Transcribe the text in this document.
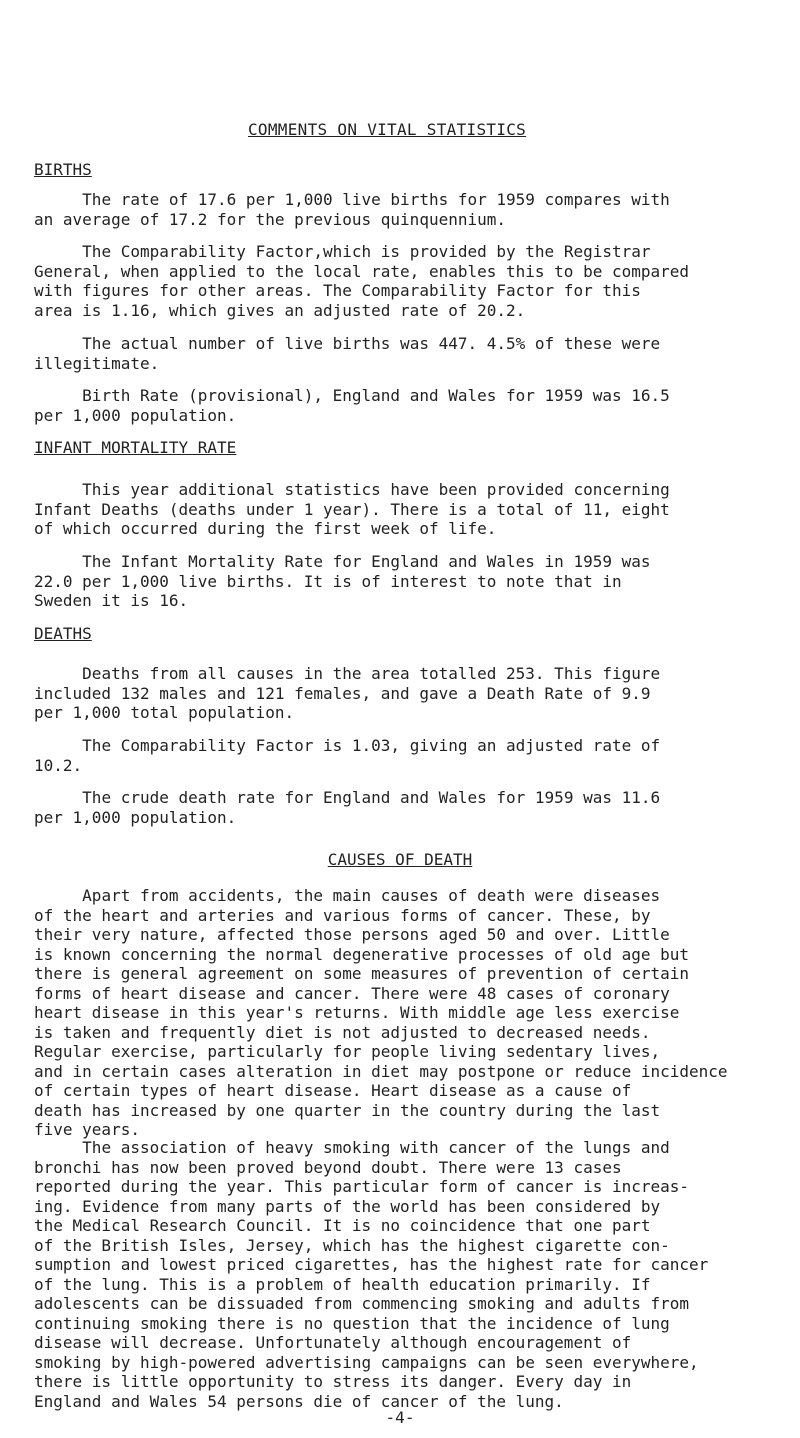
COMMENTS ON VITAL STATISTICS
BIRTHS

The rate of 17.6 per 1,000 live births for 1959 compares with
an average of 17.2 for the previous quinquennium.

The Comparability Factor,which is provided by the Registrar
General, when applied to the local rate, enables this to be compared
with figures for other areas. The Comparability Factor for this
area is 1.16, which gives an adjusted rate of 20.2.

The actual number of live births was 447. 4.5% of these were
illegitimate.

Birth Rate (provisional), England and Wales for 1959 was 16.5
per 1,000 population.

INFANT MORTALITY RATE

This year additional statistics have been provided concerning
Infant Deaths (deaths under 1 year). There is a total of 11, eight
of which occurred during the first week of life.

The Infant Mortality Rate for England and Wales in 1959 was
22.0 per 1,000 live births. It is of interest to note that in
Sweden it is 16.

DEATHS

Deaths from all causes in the area totalled 253. This figure
included 132 males and 121 females, and gave a Death Rate of 9.9
per 1,000 total population.

The Comparability Factor is 1.03, giving an adjusted rate of
10.2.

The crude death rate for England and Wales for 1959 was 11.6
per 1,000 population.

CAUSES OF DEATH

Apart from accidents, the main causes of death were diseases
of the heart and arteries and various forms of cancer. These, by
their very nature, affected those persons aged 50 and over. Little
is known concerning the normal degenerative processes of old age but
there is general agreement on some measures of prevention of certain
forms of heart disease and cancer. There were 48 cases of coronary
heart disease in this year's returns. With middle age less exercise
is taken and frequently diet is not adjusted to decreased needs.
Regular exercise, particularly for people living sedentary lives,
and in certain cases alteration in diet may postpone or reduce incidence
of certain types of heart disease. Heart disease as a cause of
death has increased by one quarter in the country during the last
five years.

The association of heavy smoking with cancer of the lungs and
bronchi has now been proved beyond doubt. There were 13 cases
reported during the year. This particular form of cancer is increas-
ing. Evidence from many parts of the world has been considered by
the Medical Research Council. It is no coincidence that one part
of the British Isles, Jersey, which has the highest cigarette con-
sumption and lowest priced cigarettes, has the highest rate for cancer
of the lung. This is a problem of health education primarily. If
adolescents can be dissuaded from commencing smoking and adults from
continuing smoking there is no question that the incidence of lung
disease will decrease. Unfortunately although encouragement of
smoking by high-powered advertising campaigns can be seen everywhere,
there is little opportunity to stress its danger. Every day in
England and Wales 54 persons die of cancer of the lung.

-4-
